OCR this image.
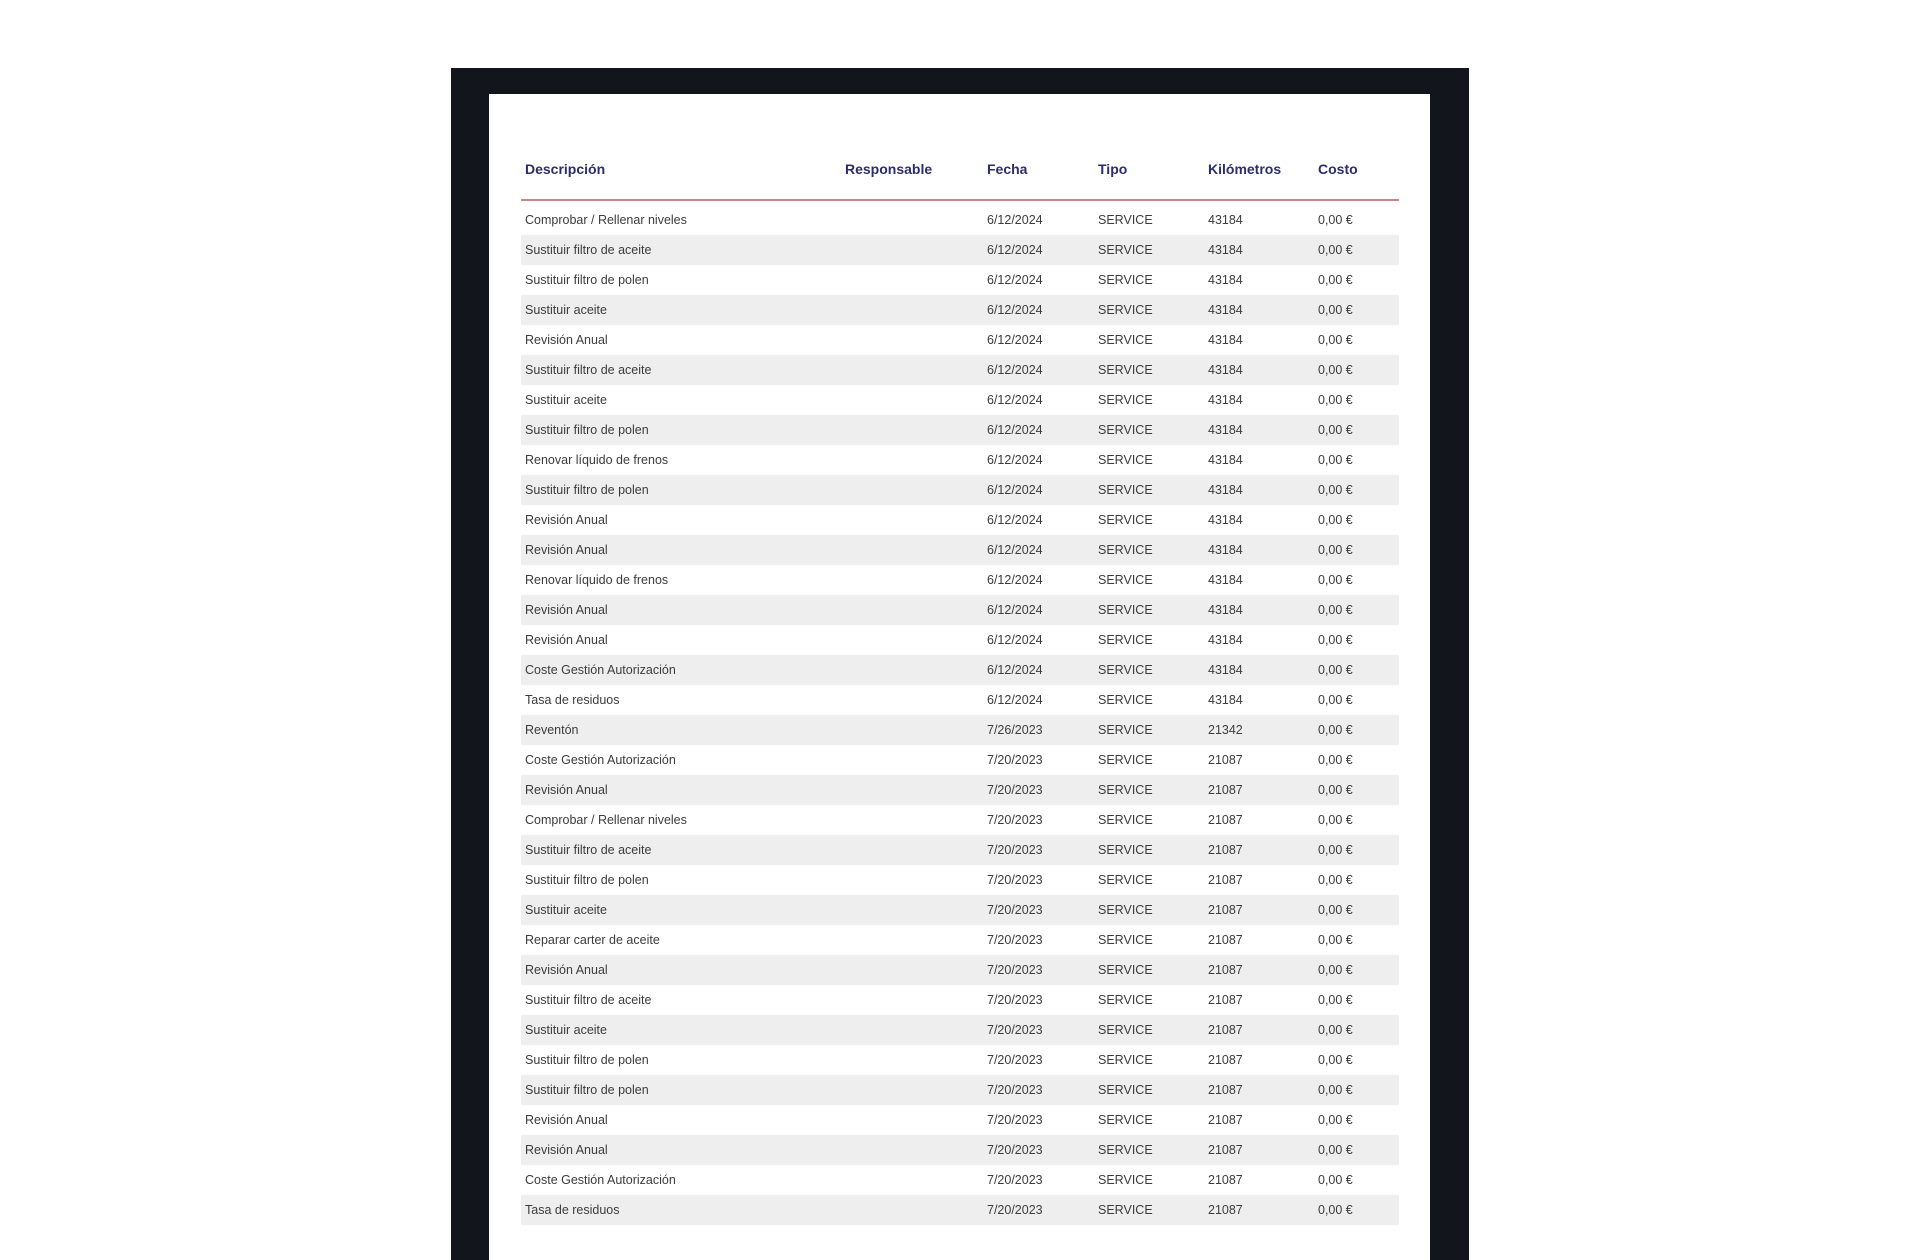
Descripción	Responsable	Fecha	Tipo	Kilómetros	Costo
Comprobar / Rellenar niveles		6/12/2024	SERVICE	43184	0,00 €
Sustituir filtro de aceite		6/12/2024	SERVICE	43184	0,00 €
Sustituir filtro de polen		6/12/2024	SERVICE	43184	0,00 €
Sustituir aceite		6/12/2024	SERVICE	43184	0,00 €
Revisión Anual		6/12/2024	SERVICE	43184	0,00 €
Sustituir filtro de aceite		6/12/2024	SERVICE	43184	0,00 €
Sustituir aceite		6/12/2024	SERVICE	43184	0,00 €
Sustituir filtro de polen		6/12/2024	SERVICE	43184	0,00 €
Renovar líquido de frenos		6/12/2024	SERVICE	43184	0,00 €
Sustituir filtro de polen		6/12/2024	SERVICE	43184	0,00 €
Revisión Anual		6/12/2024	SERVICE	43184	0,00 €
Revisión Anual		6/12/2024	SERVICE	43184	0,00 €
Renovar líquido de frenos		6/12/2024	SERVICE	43184	0,00 €
Revisión Anual		6/12/2024	SERVICE	43184	0,00 €
Revisión Anual		6/12/2024	SERVICE	43184	0,00 €
Coste Gestión Autorización		6/12/2024	SERVICE	43184	0,00 €
Tasa de residuos		6/12/2024	SERVICE	43184	0,00 €
Reventón		7/26/2023	SERVICE	21342	0,00 €
Coste Gestión Autorización		7/20/2023	SERVICE	21087	0,00 €
Revisión Anual		7/20/2023	SERVICE	21087	0,00 €
Comprobar / Rellenar niveles		7/20/2023	SERVICE	21087	0,00 €
Sustituir filtro de aceite		7/20/2023	SERVICE	21087	0,00 €
Sustituir filtro de polen		7/20/2023	SERVICE	21087	0,00 €
Sustituir aceite		7/20/2023	SERVICE	21087	0,00 €
Reparar carter de aceite		7/20/2023	SERVICE	21087	0,00 €
Revisión Anual		7/20/2023	SERVICE	21087	0,00 €
Sustituir filtro de aceite		7/20/2023	SERVICE	21087	0,00 €
Sustituir aceite		7/20/2023	SERVICE	21087	0,00 €
Sustituir filtro de polen		7/20/2023	SERVICE	21087	0,00 €
Sustituir filtro de polen		7/20/2023	SERVICE	21087	0,00 €
Revisión Anual		7/20/2023	SERVICE	21087	0,00 €
Revisión Anual		7/20/2023	SERVICE	21087	0,00 €
Coste Gestión Autorización		7/20/2023	SERVICE	21087	0,00 €
Tasa de residuos		7/20/2023	SERVICE	21087	0,00 €
